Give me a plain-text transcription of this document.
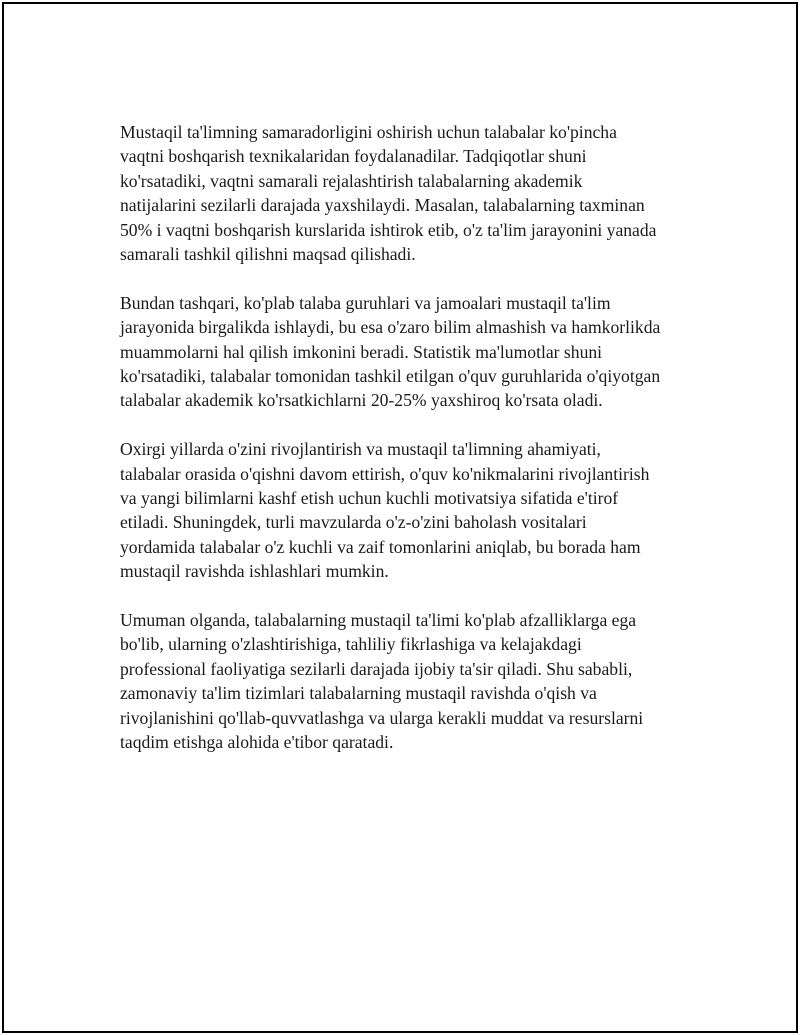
Mustaqil ta'limning samaradorligini oshirish uchun talabalar ko'pincha
vaqtni boshqarish texnikalaridan foydalanadilar. Tadqiqotlar shuni
ko'rsatadiki, vaqtni samarali rejalashtirish talabalarning akademik
natijalarini sezilarli darajada yaxshilaydi. Masalan, talabalarning taxminan
50% i vaqtni boshqarish kurslarida ishtirok etib, o'z ta'lim jarayonini yanada
samarali tashkil qilishni maqsad qilishadi.

Bundan tashqari, ko'plab talaba guruhlari va jamoalari mustaqil ta'lim
jarayonida birgalikda ishlaydi, bu esa o'zaro bilim almashish va hamkorlikda
muammolarni hal qilish imkonini beradi. Statistik ma'lumotlar shuni
ko'rsatadiki, talabalar tomonidan tashkil etilgan o'quv guruhlarida o'qiyotgan
talabalar akademik ko'rsatkichlarni 20-25% yaxshiroq ko'rsata oladi.

Oxirgi yillarda o'zini rivojlantirish va mustaqil ta'limning ahamiyati,
talabalar orasida o'qishni davom ettirish, o'quv ko'nikmalarini rivojlantirish
va yangi bilimlarni kashf etish uchun kuchli motivatsiya sifatida e'tirof
etiladi. Shuningdek, turli mavzularda o'z-o'zini baholash vositalari
yordamida talabalar o'z kuchli va zaif tomonlarini aniqlab, bu borada ham
mustaqil ravishda ishlashlari mumkin.

Umuman olganda, talabalarning mustaqil ta'limi ko'plab afzalliklarga ega
bo'lib, ularning o'zlashtirishiga, tahliliy fikrlashiga va kelajakdagi
professional faoliyatiga sezilarli darajada ijobiy ta'sir qiladi. Shu sababli,
zamonaviy ta'lim tizimlari talabalarning mustaqil ravishda o'qish va
rivojlanishini qo'llab-quvvatlashga va ularga kerakli muddat va resurslarni
taqdim etishga alohida e'tibor qaratadi.
